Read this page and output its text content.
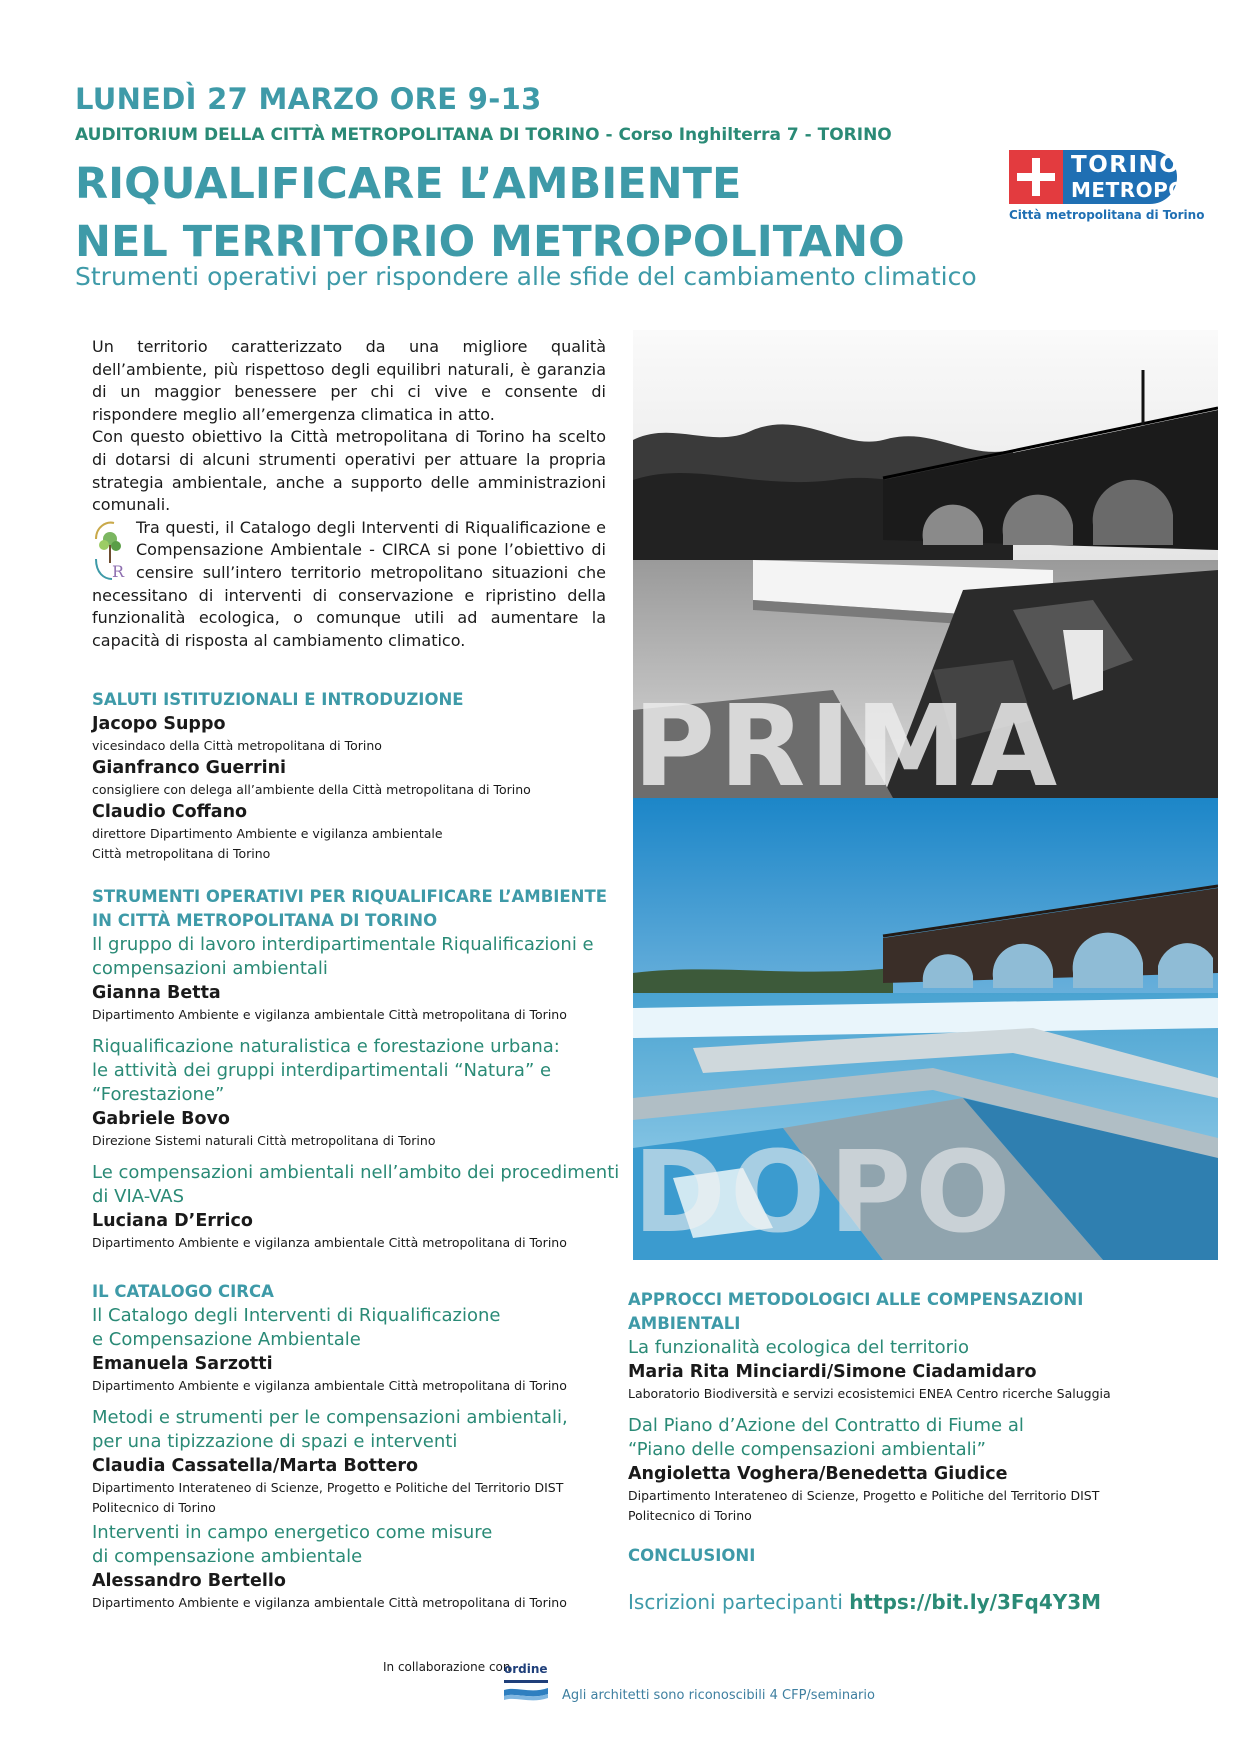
LUNEDÌ 27 MARZO ORE 9-13
AUDITORIUM DELLA CITTÀ METROPOLITANA DI TORINO - Corso Inghilterra 7 - TORINO
RIQUALIFICARE L’AMBIENTE
NEL TERRITORIO METROPOLITANO
Strumenti operativi per rispondere alle sfide del cambiamento climatico
TORINO
METROPOLI
Città metropolitana di Torino

Un territorio caratterizzato da una migliore qualità dell’ambiente, più rispettoso degli equilibri naturali, è garanzia di un maggior benessere per chi ci vive e consente di rispondere meglio all’emergenza climatica in atto.

Con questo obiettivo la Città metropolitana di Torino ha scelto di dotarsi di alcuni strumenti operativi per attuare la propria strategia ambientale, anche a supporto delle amministrazioni comunali.

R

Tra questi, il Catalogo degli Interventi di Riqualificazione e Compensazione Ambientale - CIRCA si pone l’obiettivo di censire sull’intero territorio metropolitano situazioni che necessitano di interventi di conservazione e ripristino della funzionalità ecologica, o comunque utili ad aumentare la capacità di risposta al cambiamento climatico.

PRIMA
DOPO
SALUTI ISTITUZIONALI E INTRODUZIONE
Jacopo Suppo
vicesindaco della Città metropolitana di Torino
Gianfranco Guerrini
consigliere con delega all’ambiente della Città metropolitana di Torino
Claudio Coffano
direttore Dipartimento Ambiente e vigilanza ambientale
Città metropolitana di Torino
STRUMENTI OPERATIVI PER RIQUALIFICARE L’AMBIENTE
IN CITTÀ METROPOLITANA DI TORINO
Il gruppo di lavoro interdipartimentale Riqualificazioni e
compensazioni ambientali
Gianna Betta
Dipartimento Ambiente e vigilanza ambientale Città metropolitana di Torino
Riqualificazione naturalistica e forestazione urbana:
le attività dei gruppi interdipartimentali “Natura” e
“Forestazione”
Gabriele Bovo
Direzione Sistemi naturali Città metropolitana di Torino
Le compensazioni ambientali nell’ambito dei procedimenti
di VIA-VAS
Luciana D’Errico
Dipartimento Ambiente e vigilanza ambientale Città metropolitana di Torino
IL CATALOGO CIRCA
Il Catalogo degli Interventi di Riqualificazione
e Compensazione Ambientale
Emanuela Sarzotti
Dipartimento Ambiente e vigilanza ambientale Città metropolitana di Torino
Metodi e strumenti per le compensazioni ambientali,
per una tipizzazione di spazi e interventi
Claudia Cassatella/Marta Bottero
Dipartimento Interateneo di Scienze, Progetto e Politiche del Territorio DIST
Politecnico di Torino
Interventi in campo energetico come misure
di compensazione ambientale
Alessandro Bertello
Dipartimento Ambiente e vigilanza ambientale Città metropolitana di Torino
APPROCCI METODOLOGICI ALLE COMPENSAZIONI
AMBIENTALI
La funzionalità ecologica del territorio
Maria Rita Minciardi/Simone Ciadamidaro
Laboratorio Biodiversità e servizi ecosistemici ENEA Centro ricerche Saluggia
Dal Piano d’Azione del Contratto di Fiume al
“Piano delle compensazioni ambientali”
Angioletta Voghera/Benedetta Giudice
Dipartimento Interateneo di Scienze, Progetto e Politiche del Territorio DIST
Politecnico di Torino
CONCLUSIONI
Iscrizioni partecipanti https://bit.ly/3Fq4Y3M
In collaborazione con
ordine
Agli architetti sono riconoscibili 4 CFP/seminario
